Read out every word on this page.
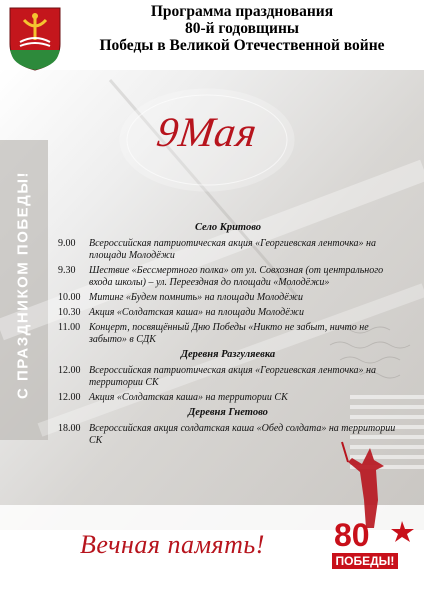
Программа празднования
80-й годовщины
Победы в Великой Отечественной войне
9Мая
С ПРАЗДНИКОМ ПОБЕДЫ!	Село Критово
9.00	Всероссийская патриотическая акция «Георгиевская ленточка» на площади Молодёжи
9.30	Шествие «Бессмертного полка» от ул. Совхозная (от центрального входа школы) – ул. Переездная до площади «Молодёжи»
10.00 Митинг «Будем помнить» на площади Молодёжи
10.30 Акция «Солдатская каша» на площади Молодёжи
11.00 Концерт, посвящённый Дню Победы «Никто не забыт, ничто не забыто» в СДК
Деревня Разгуляевка
12.00 Всероссийская патриотическая акция «Георгиевская ленточка» на территории СК
12.00 Акция «Солдатская каша» на территории СК
Деревня Гнетово
18.00 Всероссийская акция солдатская каша «Обед солдата» на территории СК
Вечная память!	80
ПОБЕДЫ!
